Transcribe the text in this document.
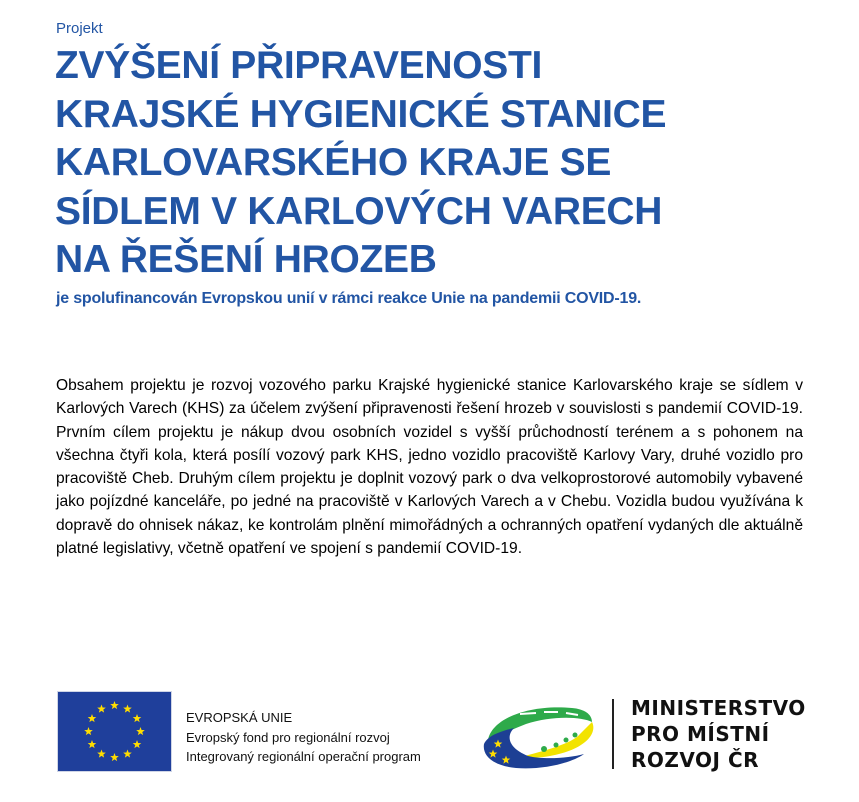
Projekt
ZVÝŠENÍ PŘIPRAVENOSTI
KRAJSKÉ HYGIENICKÉ STANICE
KARLOVARSKÉHO KRAJE SE
SÍDLEM V KARLOVÝCH VARECH
NA ŘEŠENÍ HROZEB
je spolufinancován Evropskou unií v rámci reakce Unie na pandemii COVID-19.
Obsahem projektu je rozvoj vozového parku Krajské hygienické stanice Karlovarského kraje se sídlem v Karlových Varech (KHS) za účelem zvýšení připravenosti řešení hrozeb v souvislosti s pandemií COVID-19. Prvním cílem projektu je nákup dvou osobních vozidel s vyšší průchodností terénem a s pohonem na všechna čtyři kola, která posílí vozový park KHS, jedno vozidlo pracoviště Karlovy Vary, druhé vozidlo pro pracoviště Cheb. Druhým cílem projektu je doplnit vozový park o dva velkoprostorové automobily vybavené jako pojízdné kanceláře, po jedné na pracoviště v Karlových Varech a v Chebu. Vozidla budou využívána k dopravě do ohnisek nákaz, ke kontrolám plnění mimořádných a ochranných opatření vydaných dle aktuálně platné legislativy, včetně opatření ve spojení s pandemií COVID-19.
EVROPSKÁ UNIE
Evropský fond pro regionální rozvoj
Integrovaný regionální operační program
MINISTERSTVO
PRO MÍSTNÍ
ROZVOJ ČR
